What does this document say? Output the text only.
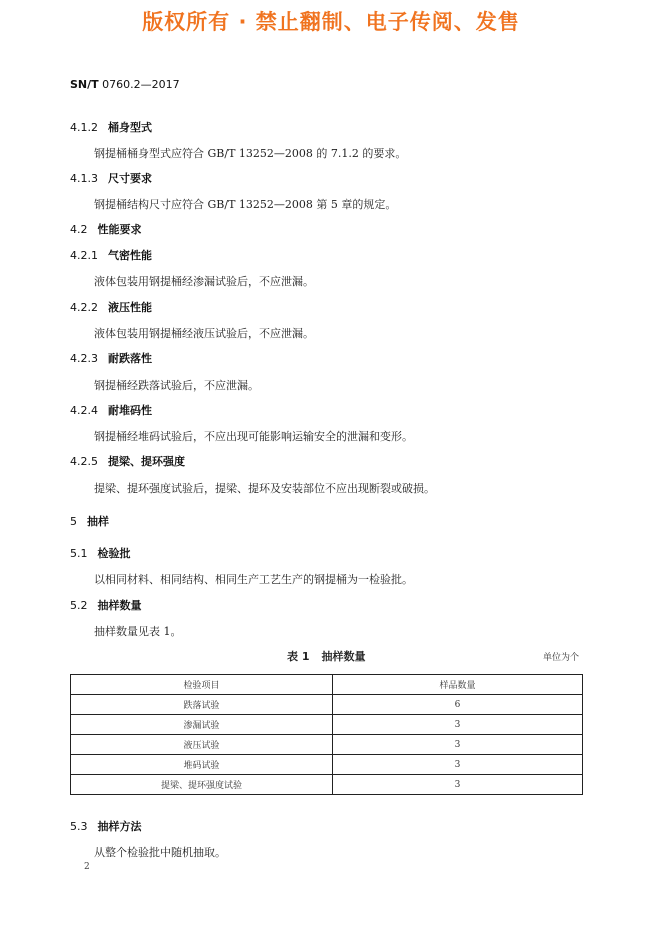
版权所有 · 禁止翻制、电子传阅、发售
SN/T 0760.2—2017
4.1.2 桶身型式
钢提桶桶身型式应符合 GB/T 13252—2008 的 7.1.2 的要求。
4.1.3 尺寸要求
钢提桶结构尺寸应符合 GB/T 13252—2008 第 5 章的规定。
4.2 性能要求
4.2.1 气密性能
液体包装用钢提桶经渗漏试验后，不应泄漏。
4.2.2 液压性能
液体包装用钢提桶经液压试验后，不应泄漏。
4.2.3 耐跌落性
钢提桶经跌落试验后，不应泄漏。
4.2.4 耐堆码性
钢提桶经堆码试验后，不应出现可能影响运输安全的泄漏和变形。
4.2.5 提梁、提环强度
提梁、提环强度试验后，提梁、提环及安装部位不应出现断裂或破损。
5 抽样
5.1 检验批
以相同材料、相同结构、相同生产工艺生产的钢提桶为一检验批。
5.2 抽样数量
抽样数量见表 1。
表 1 抽样数量	单位为个
检验项目	样品数量
跌落试验	6
渗漏试验	3
液压试验	3
堆码试验	3
提梁、提环强度试验	3
5.3 抽样方法
从整个检验批中随机抽取。
2
